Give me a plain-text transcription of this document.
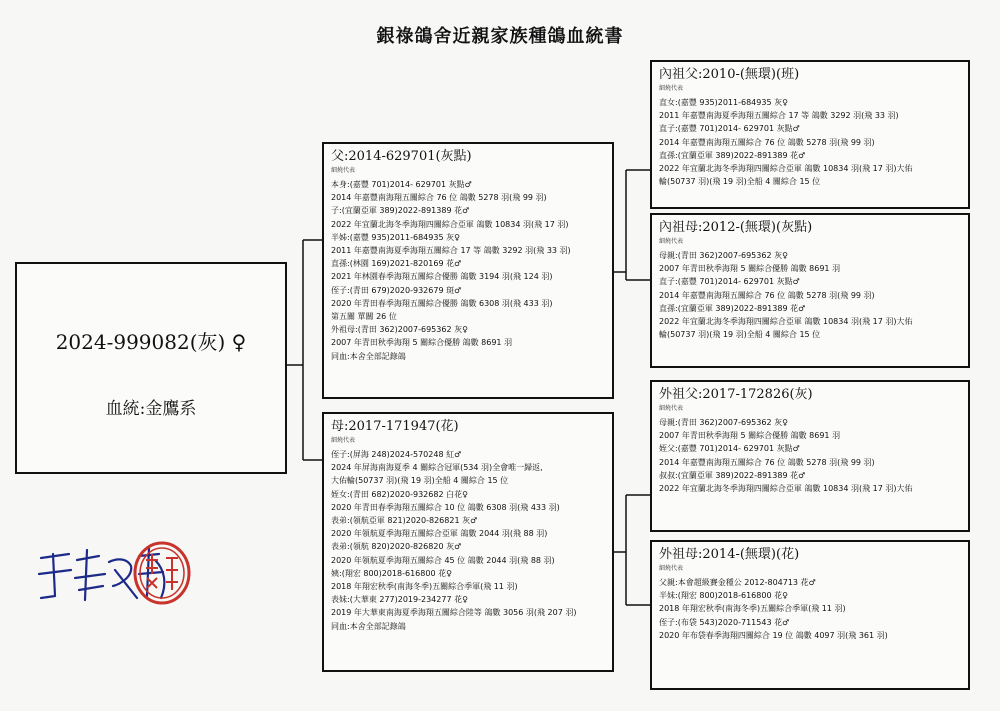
銀祿鴿舍近親家族種鴿血統書
2024-999082(灰) ♀
血統:金鷹系
父:2014-629701(灰點)
細燒代表
本身:(嘉豐 701)2014- 629701 灰點♂
2014 年嘉豐南海翔五關綜合 76 位 鴿數 5278 羽(飛 99 羽)
子:(宜蘭亞軍 389)2022-891389 花♂
2022 年宜蘭北海冬季海翔四關綜合亞軍 鴿數 10834 羽(飛 17 羽)
半姊:(嘉豐 935)2011-684935 灰♀
2011 年嘉豐南海夏季海翔五關綜合 17 等 鴿數 3292 羽(飛 33 羽)
直孫:(林園 169)2021-820169 花♂
2021 年林園春季海翔五關綜合優勝 鴿數 3194 羽(飛 124 羽)
侄子:(青田 679)2020-932679 斑♂
2020 年青田春季海翔五關綜合優勝 鴿數 6308 羽(飛 433 羽)
第五關 單關 26 位
外祖母:(青田 362)2007-695362 灰♀
2007 年青田秋季海翔 5 關綜合優勝 鴿數 8691 羽
同血:本舍全部記錄鴿
母:2017-171947(花)
細燒代表
侄子:(屏海 248)2024-570248 紅♂
2024 年屏海南海夏季 4 關綜合冠軍(534 羽)全會唯一歸返,
大佑輪(50737 羽)(飛 19 羽)全船 4 關綜合 15 位
姪女:(青田 682)2020-932682 白花♀
2020 年青田春季海翔五關綜合 10 位 鴿數 6308 羽(飛 433 羽)
表弟:(領航亞軍 821)2020-826821 灰♂
2020 年領航夏季海翔五關綜合亞軍 鴿數 2044 羽(飛 88 羽)
表弟:(領航 820)2020-826820 灰♂
2020 年領航夏季海翔五關綜合 45 位 鴿數 2044 羽(飛 88 羽)
姨:(翔宏 800)2018-616800 花♀
2018 年翔宏秋季(南海冬季)五關綜合季軍(飛 11 羽)
表妹:(大華東 277)2019-234277 花♀
2019 年大華東南海夏季海翔五關綜合陸等 鴿數 3056 羽(飛 207 羽)
同血:本舍全部記錄鴿
內祖父:2010-(無環)(班)
細燒代表
直女:(嘉豐 935)2011-684935 灰♀
2011 年嘉豐南海夏季海翔五關綜合 17 等 鴿數 3292 羽(飛 33 羽)
直子:(嘉豐 701)2014- 629701 灰點♂
2014 年嘉豐南海翔五關綜合 76 位 鴿數 5278 羽(飛 99 羽)
直孫:(宜蘭亞軍 389)2022-891389 花♂
2022 年宜蘭北海冬季海翔四關綜合亞軍 鴿數 10834 羽(飛 17 羽)大佑
輪(50737 羽)(飛 19 羽)全船 4 關綜合 15 位
內祖母:2012-(無環)(灰點)
細燒代表
母親:(青田 362)2007-695362 灰♀
2007 年青田秋季海翔 5 關綜合優勝 鴿數 8691 羽
直子:(嘉豐 701)2014- 629701 灰點♂
2014 年嘉豐南海翔五關綜合 76 位 鴿數 5278 羽(飛 99 羽)
直孫:(宜蘭亞軍 389)2022-891389 花♂
2022 年宜蘭北海冬季海翔四關綜合亞軍 鴿數 10834 羽(飛 17 羽)大佑
輪(50737 羽)(飛 19 羽)全船 4 關綜合 15 位
外祖父:2017-172826(灰)
細燒代表
母親:(青田 362)2007-695362 灰♀
2007 年青田秋季海翔 5 關綜合優勝 鴿數 8691 羽
姪父:(嘉豐 701)2014- 629701 灰點♂
2014 年嘉豐南海翔五關綜合 76 位 鴿數 5278 羽(飛 99 羽)
叔叔:(宜蘭亞軍 389)2022-891389 花♂
2022 年宜蘭北海冬季海翔四關綜合亞軍 鴿數 10834 羽(飛 17 羽)大佑
外祖母:2014-(無環)(花)
細燒代表
父親:本會超級賽金種公 2012-804713 花♂
半妹:(翔宏 800)2018-616800 花♀
2018 年翔宏秋季(南海冬季)五關綜合季軍(飛 11 羽)
侄子:(布袋 543)2020-711543 花♂
2020 年布袋春季海翔四關綜合 19 位 鴿數 4097 羽(飛 361 羽)
